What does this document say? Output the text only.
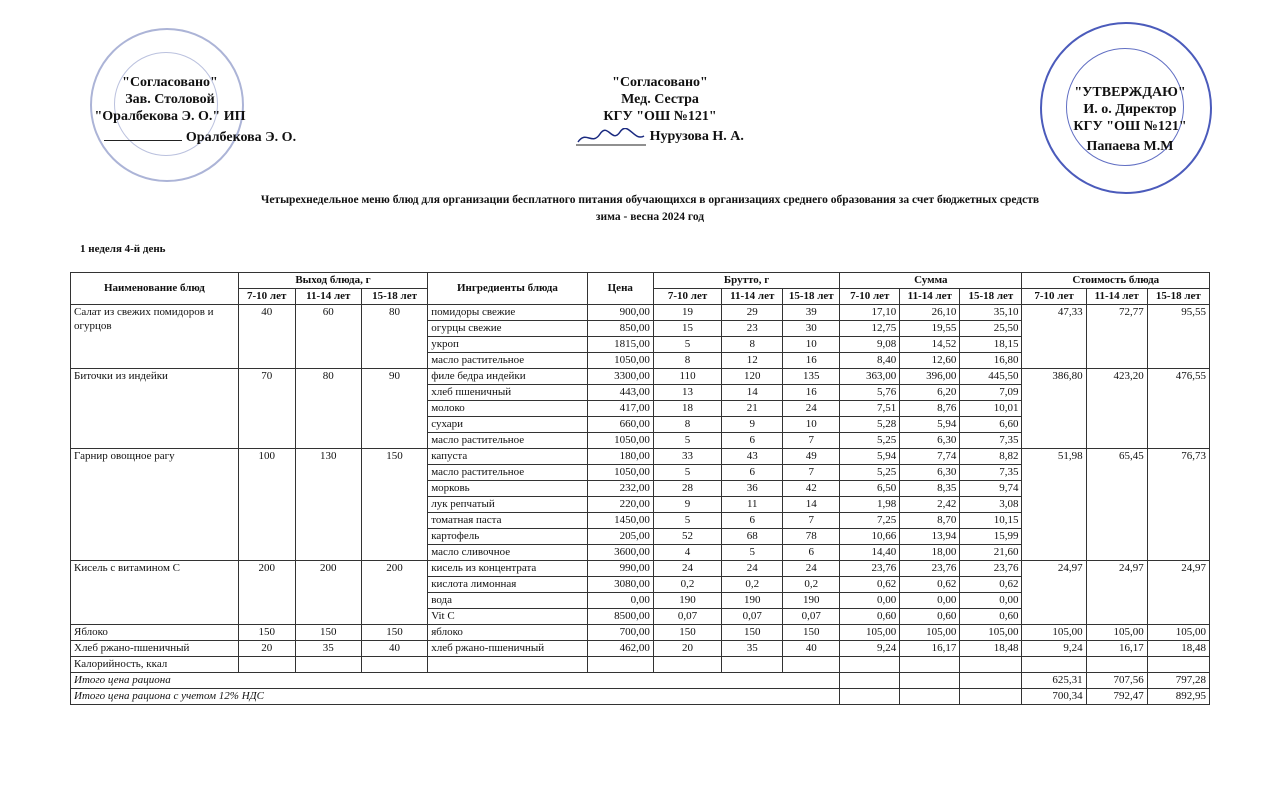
"Согласовано"
Зав. Столовой
"Оралбекова Э. О." ИП
Оралбекова Э. О.
"Согласовано"
Мед. Сестра
КГУ "ОШ №121"
Нурузова Н. А.
"УТВЕРЖДАЮ"
И. о. Директор
КГУ "ОШ №121"
Папаева М.М
Четырехнедельное меню блюд для организации бесплатного питания обучающихся в организациях среднего образования за счет бюджетных средств
зима - весна 2024 год
1 неделя 4-й день
Наименование блюд	Выход блюда, г			Ингредиенты блюда	Цена	Брутто, г			Сумма			Стоимость блюда		
	7-10 лет	11-14 лет	15-18 лет			7-10 лет	11-14 лет	15-18 лет	7-10 лет	11-14 лет	15-18 лет	7-10 лет	11-14 лет	15-18 лет
Салат из свежих помидоров и огурцов	40	60	80	помидоры свежие	900,00	19	29	39	17,10	26,10	35,10	47,33	72,77	95,55
				огурцы свежие	850,00	15	23	30	12,75	19,55	25,50			
				укроп	1815,00	5	8	10	9,08	14,52	18,15			
				масло растительное	1050,00	8	12	16	8,40	12,60	16,80			
Биточки из индейки	70	80	90	филе бедра индейки	3300,00	110	120	135	363,00	396,00	445,50	386,80	423,20	476,55
				хлеб пшеничный	443,00	13	14	16	5,76	6,20	7,09			
				молоко	417,00	18	21	24	7,51	8,76	10,01			
				сухари	660,00	8	9	10	5,28	5,94	6,60			
				масло растительное	1050,00	5	6	7	5,25	6,30	7,35			
Гарнир овощное рагу	100	130	150	капуста	180,00	33	43	49	5,94	7,74	8,82	51,98	65,45	76,73
				масло растительное	1050,00	5	6	7	5,25	6,30	7,35			
				морковь	232,00	28	36	42	6,50	8,35	9,74			
				лук репчатый	220,00	9	11	14	1,98	2,42	3,08			
				томатная паста	1450,00	5	6	7	7,25	8,70	10,15			
				картофель	205,00	52	68	78	10,66	13,94	15,99			
				масло сливочное	3600,00	4	5	6	14,40	18,00	21,60			
Кисель с витамином С	200	200	200	кисель из концентрата	990,00	24	24	24	23,76	23,76	23,76	24,97	24,97	24,97
				кислота лимонная	3080,00	0,2	0,2	0,2	0,62	0,62	0,62			
				вода	0,00	190	190	190	0,00	0,00	0,00			
				Vit C	8500,00	0,07	0,07	0,07	0,60	0,60	0,60			
Яблоко	150	150	150	яблоко	700,00	150	150	150	105,00	105,00	105,00	105,00	105,00	105,00
Хлеб ржано-пшеничный	20	35	40	хлеб ржано-пшеничный	462,00	20	35	40	9,24	16,17	18,48	9,24	16,17	18,48
Калорийность, ккал														
Итого цена рациона												625,31	707,56	797,28
Итого цена рациона с учетом 12% НДС												700,34	792,47	892,95
